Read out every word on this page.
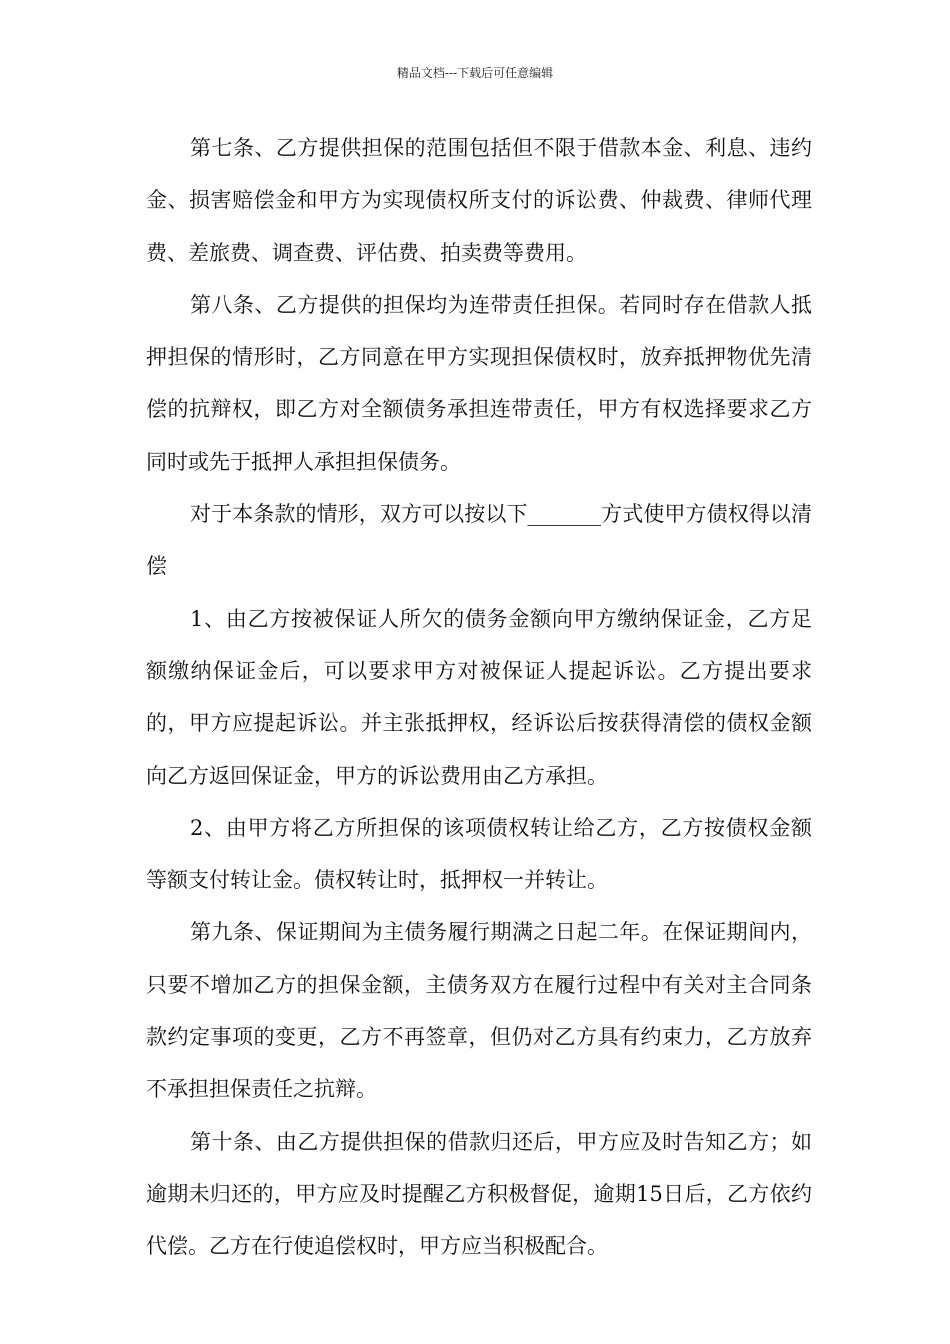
精品文档---下载后可任意编辑

第七条、乙方提供担保的范围包括但不限于借款本金、利息、违约金、损害赔偿金和甲方为实现债权所支付的诉讼费、仲裁费、律师代理费、差旅费、调查费、评估费、拍卖费等费用。

第八条、乙方提供的担保均为连带责任担保。若同时存在借款人抵押担保的情形时，乙方同意在甲方实现担保债权时，放弃抵押物优先清偿的抗辩权，即乙方对全额债务承担连带责任，甲方有权选择要求乙方同时或先于抵押人承担担保债务。

对于本条款的情形，双方可以按以下_______方式使甲方债权得以清偿

1、由乙方按被保证人所欠的债务金额向甲方缴纳保证金，乙方足额缴纳保证金后，可以要求甲方对被保证人提起诉讼。乙方提出要求的，甲方应提起诉讼。并主张抵押权，经诉讼后按获得清偿的债权金额向乙方返回保证金，甲方的诉讼费用由乙方承担。

2、由甲方将乙方所担保的该项债权转让给乙方，乙方按债权金额等额支付转让金。债权转让时，抵押权一并转让。

第九条、保证期间为主债务履行期满之日起二年。在保证期间内，只要不增加乙方的担保金额，主债务双方在履行过程中有关对主合同条款约定事项的变更，乙方不再签章，但仍对乙方具有约束力，乙方放弃不承担担保责任之抗辩。

第十条、由乙方提供担保的借款归还后，甲方应及时告知乙方；如逾期未归还的，甲方应及时提醒乙方积极督促，逾期15日后，乙方依约代偿。乙方在行使追偿权时，甲方应当积极配合。
